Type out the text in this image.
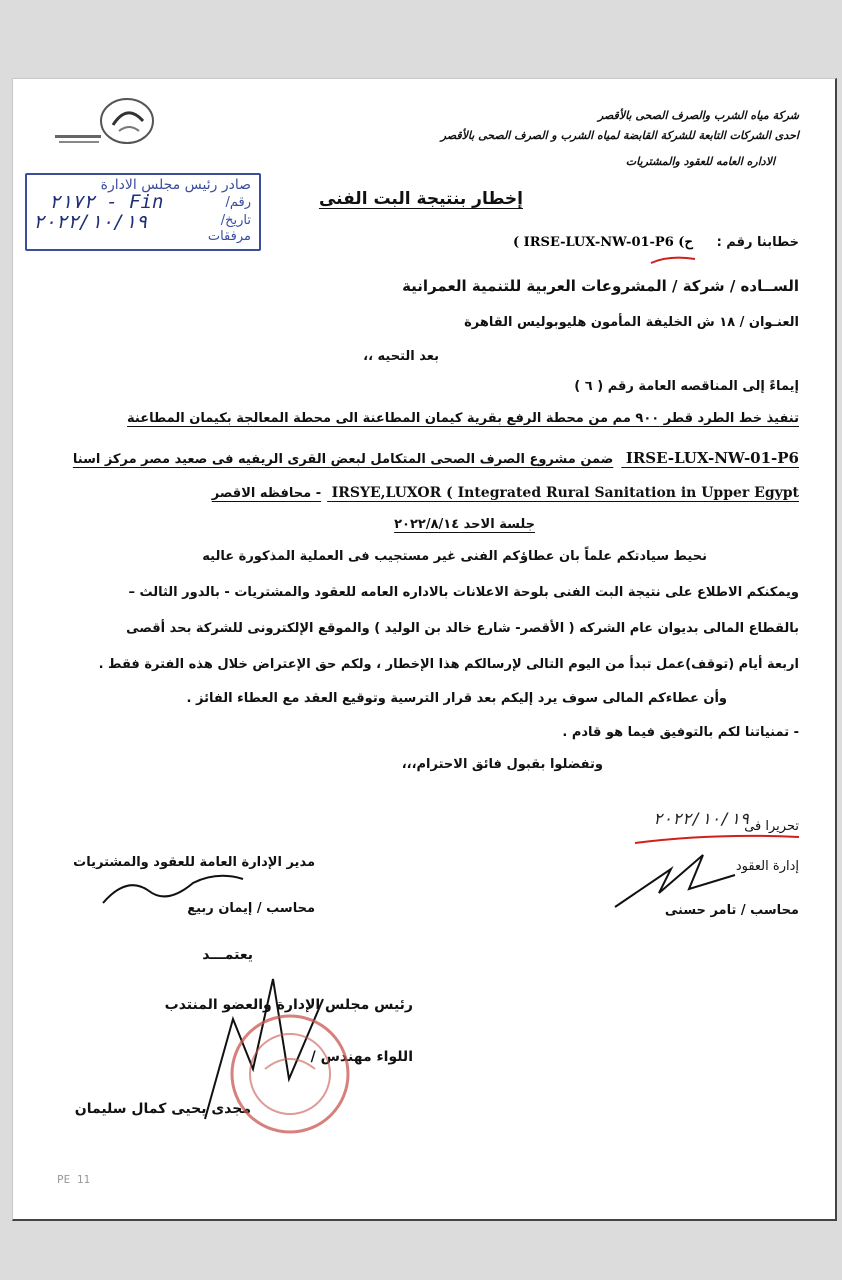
شركة مياه الشرب والصرف الصحى بالأقصر
احدى الشركات التابعة للشركة القابضة لمياه الشرب و الصرف الصحى بالأقصر
الاداره العامه للعقود والمشتريات
صادر رئيس مجلس الادارة
رقم/
٢١٧٢ - Fin
تاريخ/
٢٠٢٢/١٠/١٩
مرفقات
إخطار بنتيجة البت الفنى
خطابنا رقم :
( IRSE-LUX-NW-01-P6 (ح
الســاده / شركة / المشروعات العربية للتنمية العمرانية
العنـوان / ١٨ ش الخليفة المأمون هليوبوليس القاهرة
بعد التحيه ،،
إيماءً إلى المناقصه العامة رقم ( ٦ )
تنفيذ خط الطرد قطر ٩٠٠ مم من محطة الرفع بقرية كيمان المطاعنة الى محطة المعالجة بكيمان المطاعنة
IRSE-LUX-NW-01-P6 ضمن مشروع الصرف الصحى المتكامل لبعض القرى الريفيه فى صعيد مصر مركز اسنا
IRSYE,LUXOR ( Integrated Rural Sanitation in Upper Egypt - محافظه الاقصر
جلسة الاحد ٢٠٢٢/٨/١٤
نحيط سيادتكم علماً بان عطاؤكم الفنى غير مستجيب فى العملية المذكورة عاليه
ويمكنكم الاطلاع على نتيجة البت الفنى بلوحة الاعلانات بالاداره العامه للعقود والمشتريات - بالدور الثالث –
بالقطاع المالى بديوان عام الشركه ( الأقصر- شارع خالد بن الوليد ) والموقع الإلكترونى للشركة بحد أقصى
اربعة أيام (توقف)عمل تبدأ من اليوم التالى لإرسالكم هذا الإخطار ، ولكم حق الإعتراض خلال هذه الفترة فقط .
وأن عطاءكم المالى سوف يرد إليكم بعد قرار الترسية وتوقيع العقد مع العطاء الفائز .
- تمنياتنا لكم بالتوفيق فيما هو قادم .
وتفضلوا بقبول فائق الاحترام،،،
تحريرا فى
٢٠٢٢/١٠/١٩
إدارة العقود
محاسب / تامر حسنى
مدير الإدارة العامة للعقود والمشتريات
محاسب / إيمان ربيع
يعتمـــد
رئيس مجلس الإدارة والعضو المنتدب
اللواء مهندس /
مجدى يحيى كمال سليمان
PE 11
